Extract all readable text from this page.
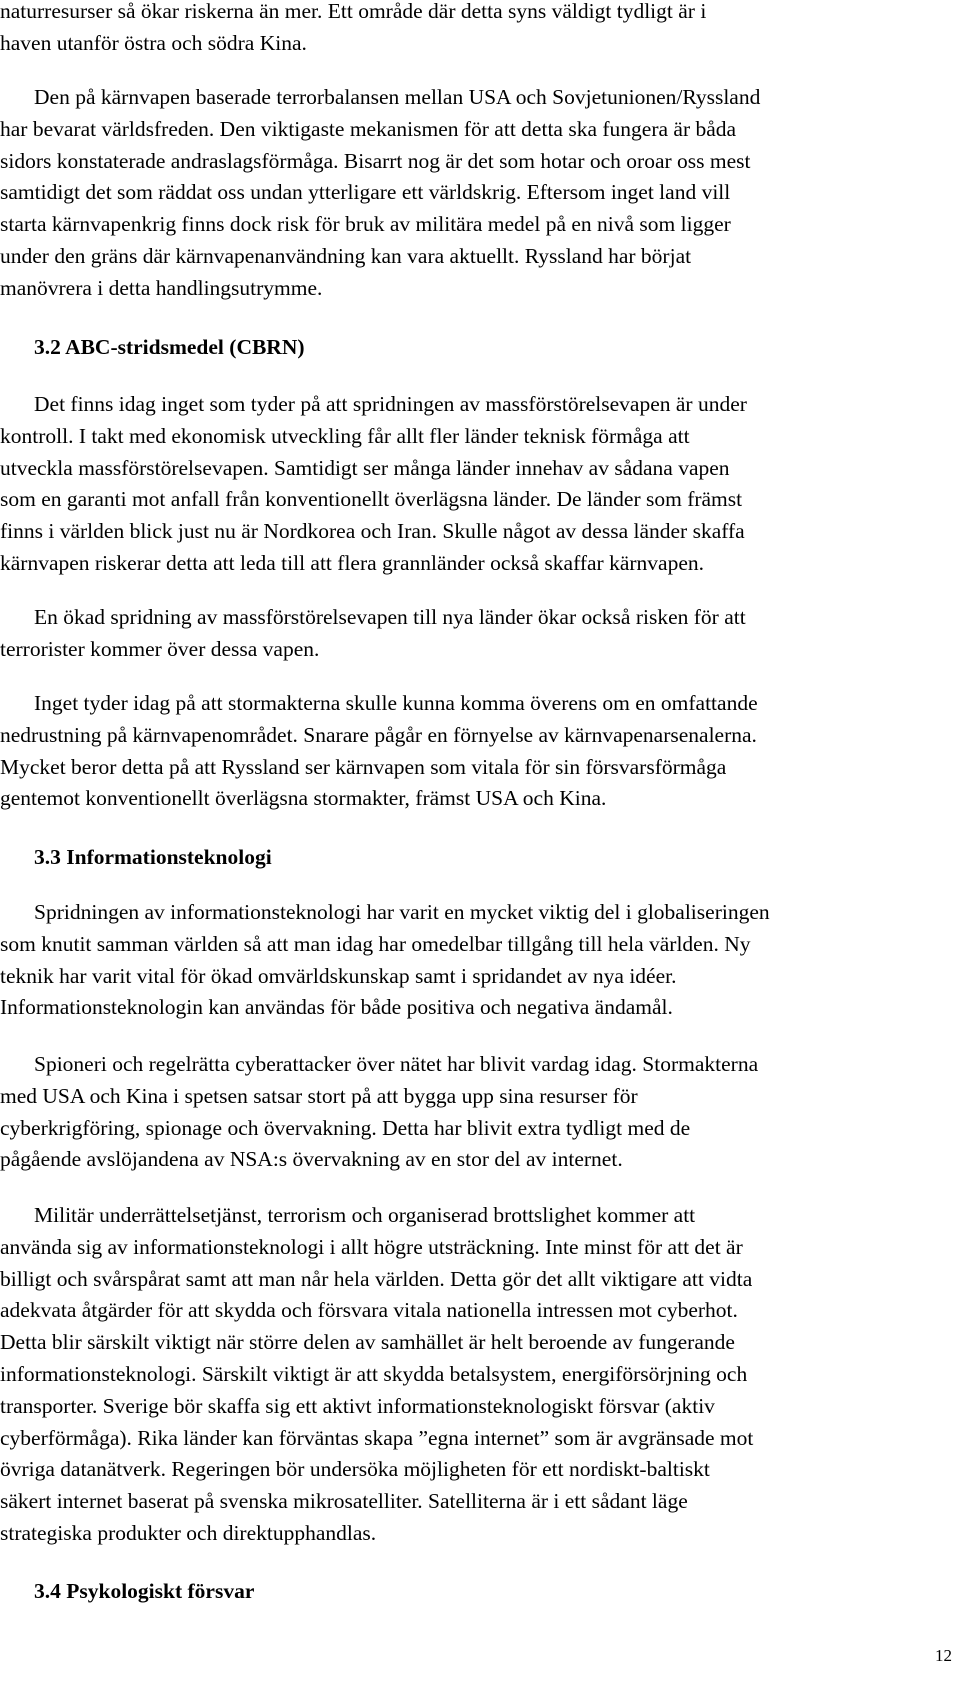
naturresurser så ökar riskerna än mer. Ett område där detta syns väldigt tydligt är i
haven utanför östra och södra Kina.
Den på kärnvapen baserade terrorbalansen mellan USA och Sovjetunionen/Ryssland
har bevarat världsfreden. Den viktigaste mekanismen för att detta ska fungera är båda
sidors konstaterade andraslagsförmåga. Bisarrt nog är det som hotar och oroar oss mest
samtidigt det som räddat oss undan ytterligare ett världskrig. Eftersom inget land vill
starta kärnvapenkrig finns dock risk för bruk av militära medel på en nivå som ligger
under den gräns där kärnvapenanvändning kan vara aktuellt. Ryssland har börjat
manövrera i detta handlingsutrymme.
3.2 ABC-stridsmedel (CBRN)
Det finns idag inget som tyder på att spridningen av massförstörelsevapen är under
kontroll. I takt med ekonomisk utveckling får allt fler länder teknisk förmåga att
utveckla massförstörelsevapen. Samtidigt ser många länder innehav av sådana vapen
som en garanti mot anfall från konventionellt överlägsna länder. De länder som främst
finns i världen blick just nu är Nordkorea och Iran. Skulle något av dessa länder skaffa
kärnvapen riskerar detta att leda till att flera grannländer också skaffar kärnvapen.
En ökad spridning av massförstörelsevapen till nya länder ökar också risken för att
terrorister kommer över dessa vapen.
Inget tyder idag på att stormakterna skulle kunna komma överens om en omfattande
nedrustning på kärnvapenområdet. Snarare pågår en förnyelse av kärnvapenarsenalerna.
Mycket beror detta på att Ryssland ser kärnvapen som vitala för sin försvarsförmåga
gentemot konventionellt överlägsna stormakter, främst USA och Kina.
3.3 Informationsteknologi
Spridningen av informationsteknologi har varit en mycket viktig del i globaliseringen
som knutit samman världen så att man idag har omedelbar tillgång till hela världen. Ny
teknik har varit vital för ökad omvärldskunskap samt i spridandet av nya idéer.
Informationsteknologin kan användas för både positiva och negativa ändamål.
Spioneri och regelrätta cyberattacker över nätet har blivit vardag idag. Stormakterna
med USA och Kina i spetsen satsar stort på att bygga upp sina resurser för
cyberkrigföring, spionage och övervakning. Detta har blivit extra tydligt med de
pågående avslöjandena av NSA:s övervakning av en stor del av internet.
Militär underrättelsetjänst, terrorism och organiserad brottslighet kommer att
använda sig av informationsteknologi i allt högre utsträckning. Inte minst för att det är
billigt och svårspårat samt att man når hela världen. Detta gör det allt viktigare att vidta
adekvata åtgärder för att skydda och försvara vitala nationella intressen mot cyberhot.
Detta blir särskilt viktigt när större delen av samhället är helt beroende av fungerande
informationsteknologi. Särskilt viktigt är att skydda betalsystem, energiförsörjning och
transporter. Sverige bör skaffa sig ett aktivt informationsteknologiskt försvar (aktiv
cyberförmåga). Rika länder kan förväntas skapa ”egna internet” som är avgränsade mot
övriga datanätverk. Regeringen bör undersöka möjligheten för ett nordiskt-baltiskt
säkert internet baserat på svenska mikrosatelliter. Satelliterna är i ett sådant läge
strategiska produkter och direktupphandlas.
3.4 Psykologiskt försvar
12
